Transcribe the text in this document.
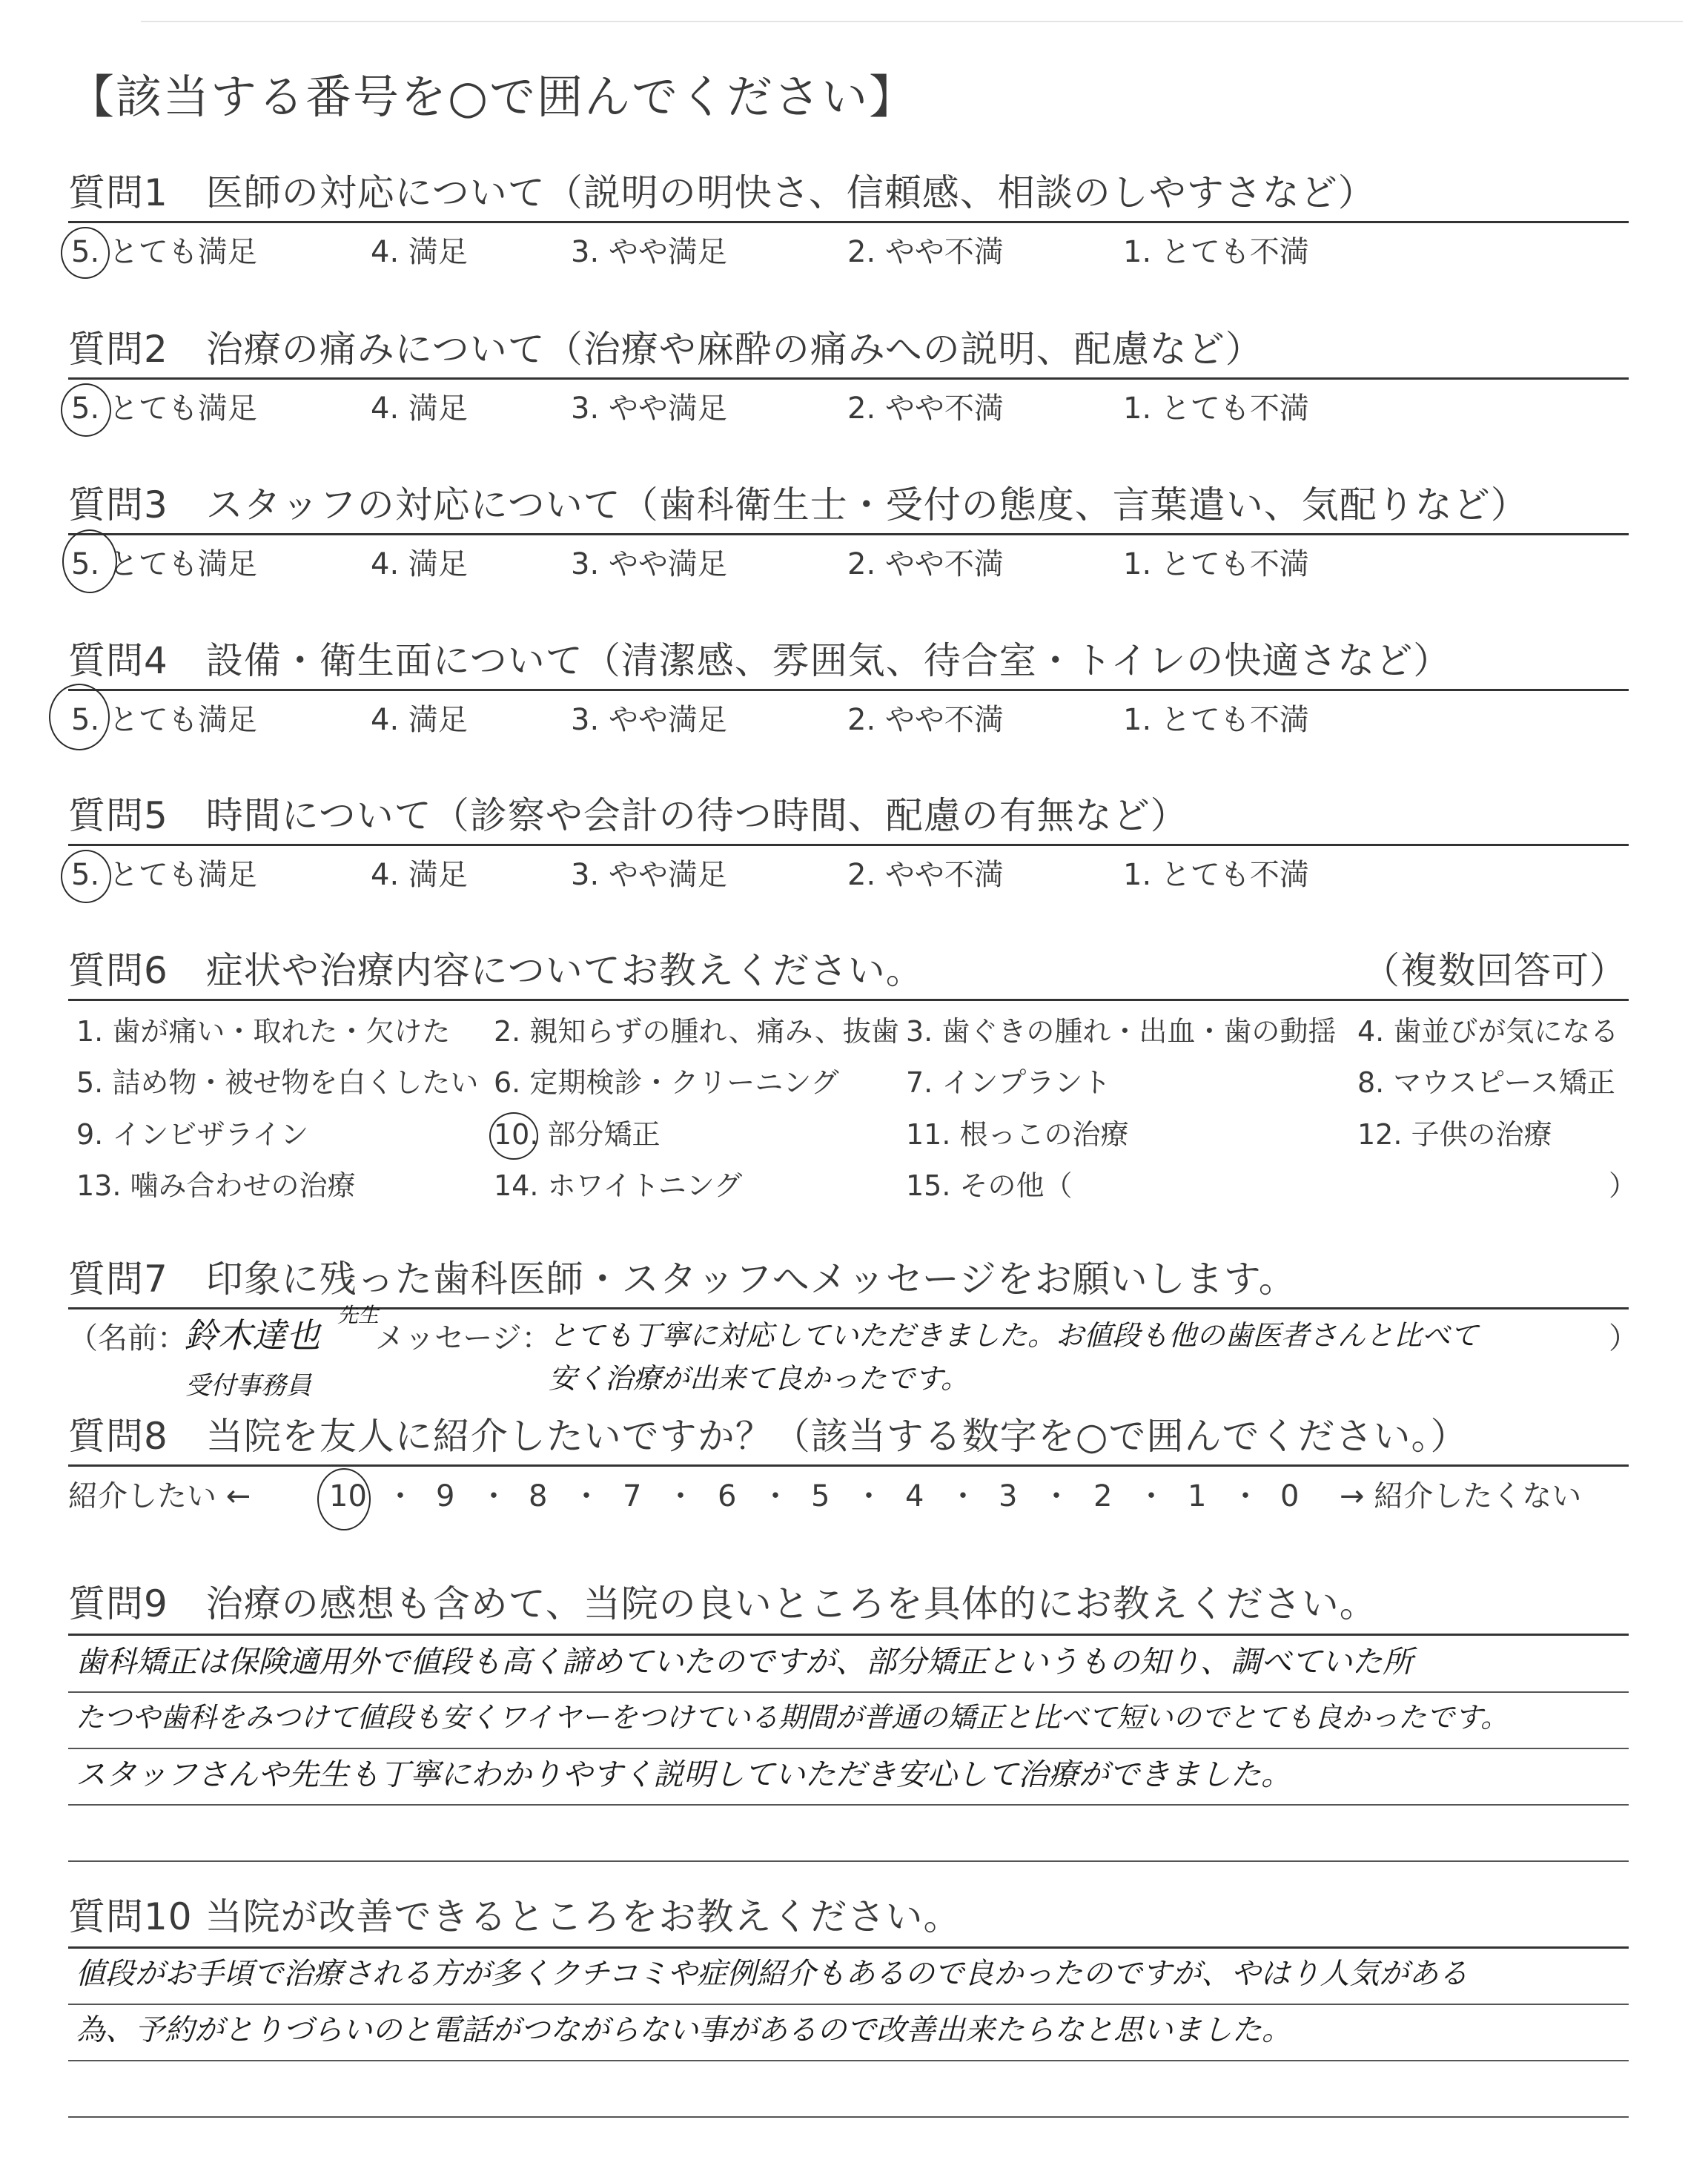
【該当する番号を○で囲んでください】
質問1　医師の対応について（説明の明快さ、信頼感、相談のしやすさなど）
5. とても満足	4. 満足	3. やや満足	2. やや不満	1. とても不満
質問2　治療の痛みについて（治療や麻酔の痛みへの説明、配慮など）
5. とても満足	4. 満足	3. やや満足	2. やや不満	1. とても不満
質問3　スタッフの対応について（歯科衛生士・受付の態度、言葉遣い、気配りなど）
5. とても満足	4. 満足	3. やや満足	2. やや不満	1. とても不満
質問4　設備・衛生面について（清潔感、雰囲気、待合室・トイレの快適さなど）
5. とても満足	4. 満足	3. やや満足	2. やや不満	1. とても不満
質問5　時間について（診察や会計の待つ時間、配慮の有無など）
5. とても満足	4. 満足	3. やや満足	2. やや不満	1. とても不満
質問6　症状や治療内容についてお教えください。	（複数回答可）
1. 歯が痛い・取れた・欠けた 2. 親知らずの腫れ、痛み、抜歯 3. 歯ぐきの腫れ・出血・歯の動揺 4. 歯並びが気になる
5. 詰め物・被せ物を白くしたい 6. 定期検診・クリーニング 7. インプラント	8. マウスピース矯正
9. インビザライン	10. 部分矯正	11. 根っこの治療	12. 子供の治療
13. 噛み合わせの治療	14. ホワイトニング	15. その他（	）
質問7　印象に残った歯科医師・スタッフへメッセージをお願いします。
（名前：
鈴木達也
先生
受付事務員
メッセージ：
とても丁寧に対応していただきました。お値段も他の歯医者さんと比べて	）
安く治療が出来て良かったです。
質問8　当院を友人に紹介したいですか？（該当する数字を○で囲んでください。）
紹介したい ←	10 ・ 9 ・ 8 ・ 7 ・ 6 ・ 5 ・ 4 ・ 3 ・ 2 ・ 1 ・ 0 → 紹介したくない
質問9　治療の感想も含めて、当院の良いところを具体的にお教えください。
歯科矯正は保険適用外で値段も高く諦めていたのですが、部分矯正というもの知り、調べていた所
たつや歯科をみつけて値段も安くワイヤーをつけている期間が普通の矯正と比べて短いのでとても良かったです。
スタッフさんや先生も丁寧にわかりやすく説明していただき安心して治療ができました。
質問10 当院が改善できるところをお教えください。
値段がお手頃で治療される方が多くクチコミや症例紹介もあるので良かったのですが、やはり人気がある
為、予約がとりづらいのと電話がつながらない事があるので改善出来たらなと思いました。
